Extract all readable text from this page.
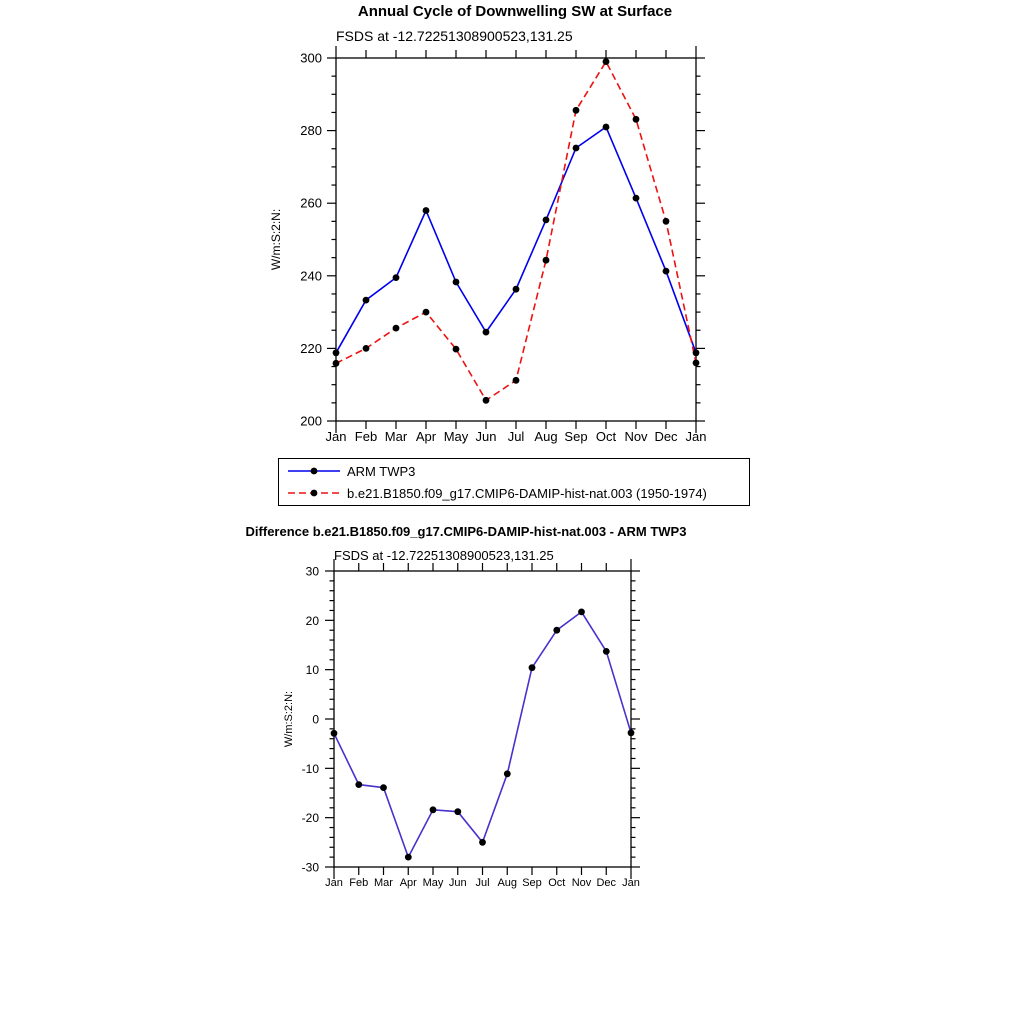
Annual Cycle of Downwelling SW at Surface
FSDS at -12.72251308900523,131.25
200
220
240
260
280
300
Jan Feb Mar Apr May Jun Jul Aug Sep Oct Nov Dec Jan
W/m:S:2:N:
ARM TWP3
b.e21.B1850.f09_g17.CMIP6-DAMIP-hist-nat.003 (1950-1974)
Difference b.e21.B1850.f09_g17.CMIP6-DAMIP-hist-nat.003 - ARM TWP3
FSDS at -12.72251308900523,131.25
-30
-20
-10
0
10
20
30
Jan Feb Mar Apr May Jun Jul Aug Sep Oct Nov Dec Jan
W/m:S:2:N:
